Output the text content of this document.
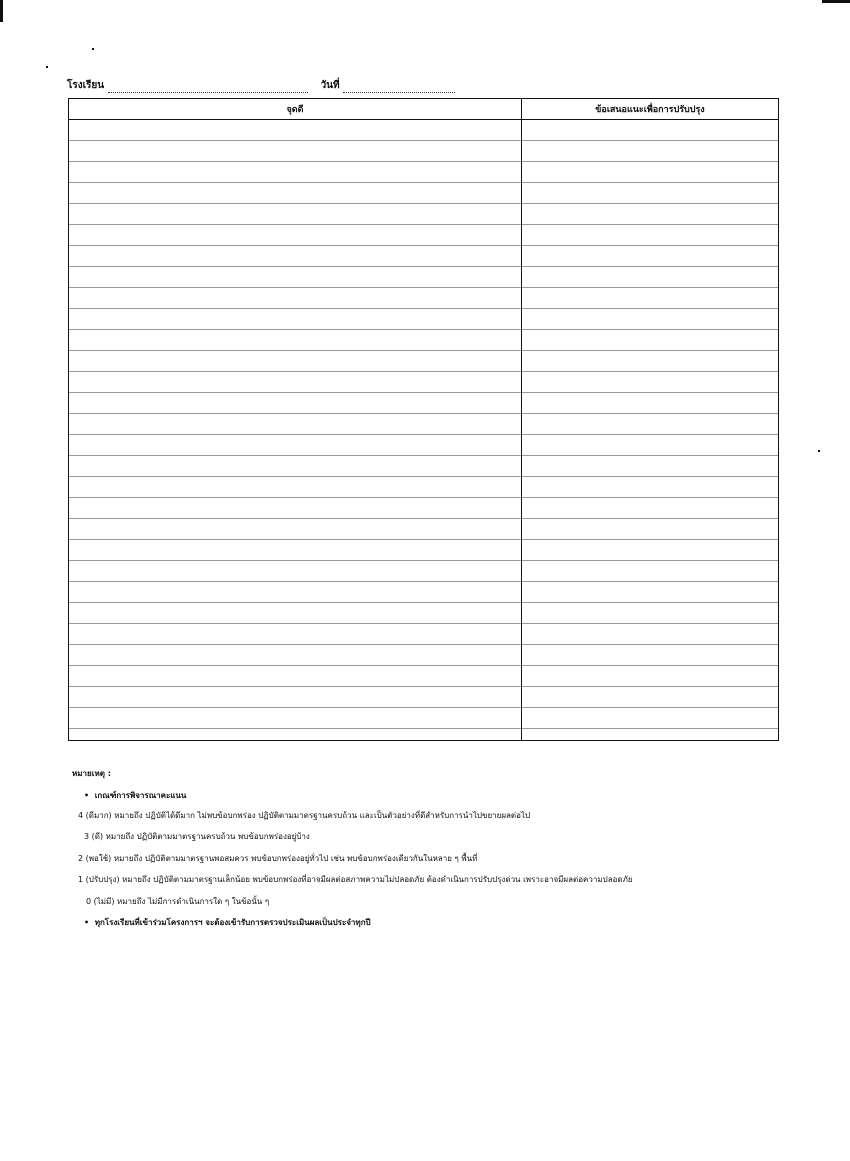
โรงเรียน	วันที่
จุดดี	ข้อเสนอแนะเพื่อการปรับปรุง

หมายเหตุ :
•  เกณฑ์การพิจารณาคะแนน
4 (ดีมาก) หมายถึง ปฏิบัติได้ดีมาก ไม่พบข้อบกพร่อง ปฏิบัติตามมาตรฐานครบถ้วน และเป็นตัวอย่างที่ดีสำหรับการนำไปขยายผลต่อไป
3 (ดี) หมายถึง ปฏิบัติตามมาตรฐานครบถ้วน พบข้อบกพร่องอยู่บ้าง
2 (พอใช้) หมายถึง ปฏิบัติตามมาตรฐานพอสมควร พบข้อบกพร่องอยู่ทั่วไป เช่น พบข้อบกพร่องเดียวกันในหลาย ๆ พื้นที่
1 (ปรับปรุง) หมายถึง ปฏิบัติตามมาตรฐานเล็กน้อย พบข้อบกพร่องที่อาจมีผลต่อสภาพความไม่ปลอดภัย ต้องดำเนินการปรับปรุงด่วน เพราะอาจมีผลต่อความปลอดภัย
0 (ไม่มี) หมายถึง ไม่มีการดำเนินการใด ๆ ในข้อนั้น ๆ
•  ทุกโรงเรียนที่เข้าร่วมโครงการฯ จะต้องเข้ารับการตรวจประเมินผลเป็นประจำทุกปี
